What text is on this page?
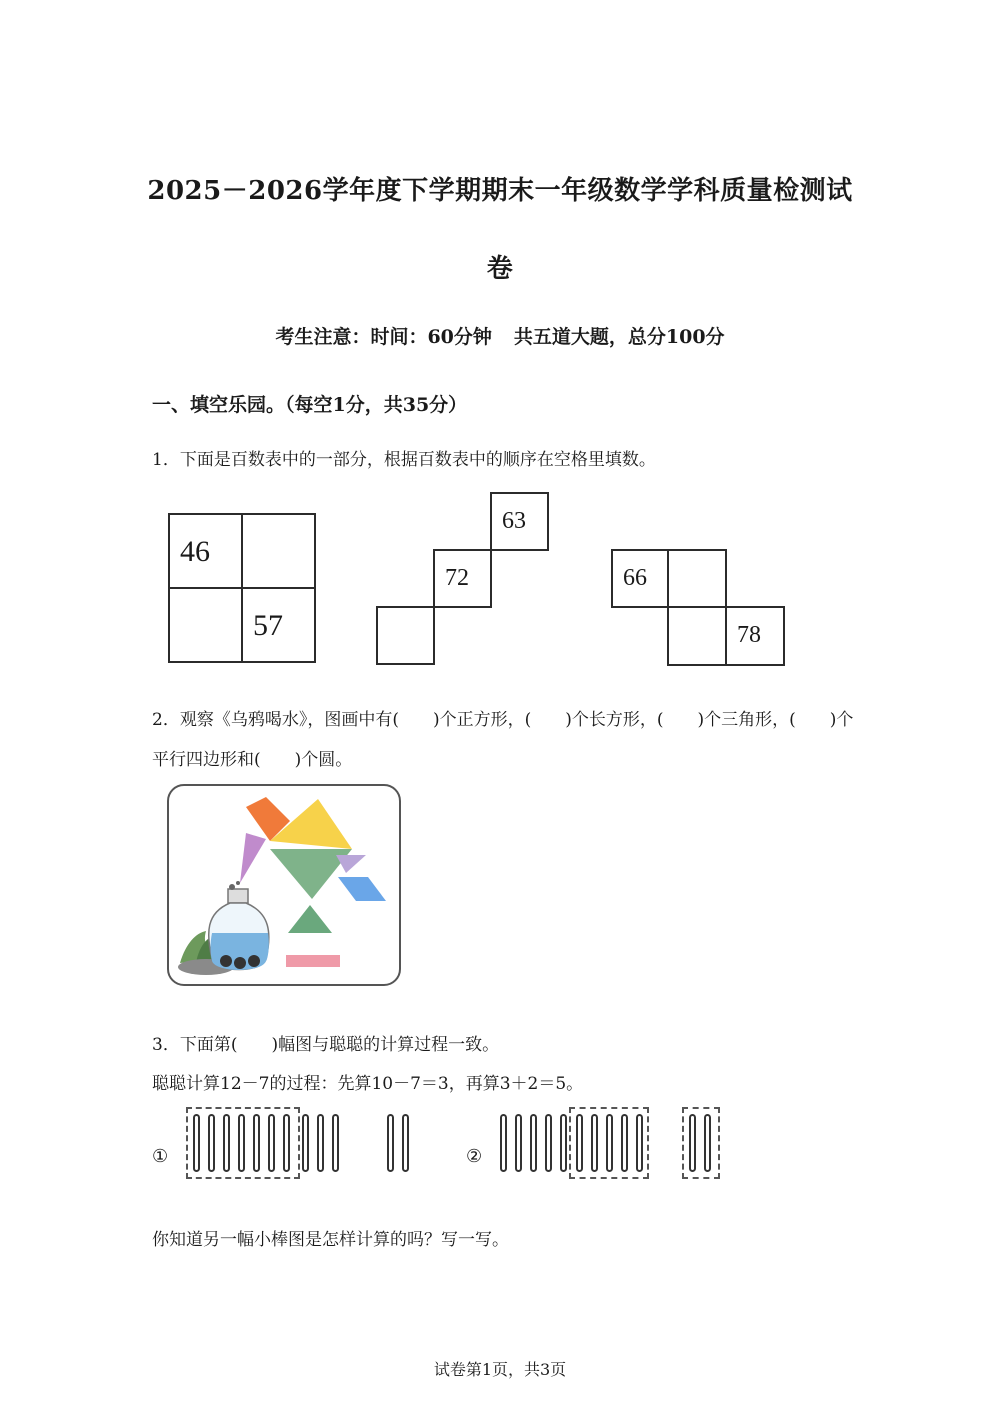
2025－2026学年度下学期期末一年级数学学科质量检测试
卷
考生注意：时间：60分钟 共五道大题，总分100分
一、填空乐园。（每空1分，共35分）
1．下面是百数表中的一部分，根据百数表中的顺序在空格里填数。
46
57
63
72	66
78
2．观察《乌鸦喝水》，图画中有(　　)个正方形，(　　)个长方形，(　　)个三角形，(　　)个
平行四边形和(　　)个圆。
3．下面第(　　)幅图与聪聪的计算过程一致。
聪聪计算12－7的过程：先算10－7＝3，再算3＋2＝5。
①	②
你知道另一幅小棒图是怎样计算的吗？写一写。
试卷第1页，共3页
